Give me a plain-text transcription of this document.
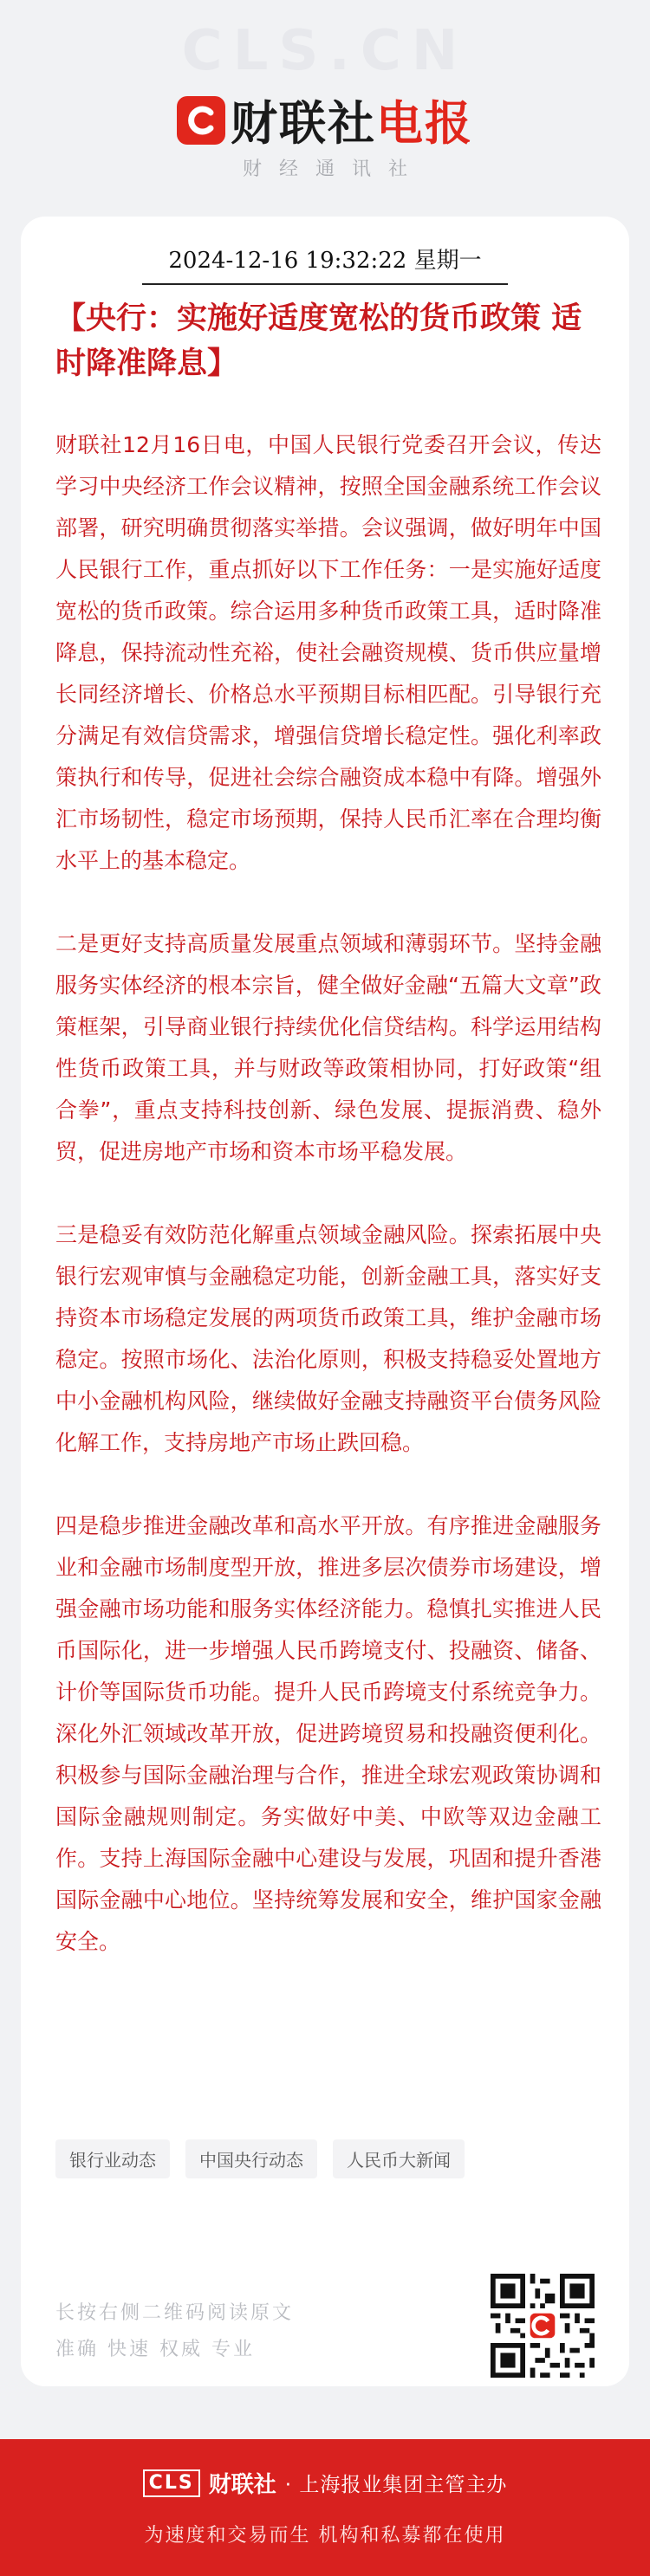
CLS.CN
财联社电报
财经通讯社
2024-12-16 19:32:22 星期一
【央行：实施好适度宽松的货币政策 适时降准降息】

财联社12月16日电，中国人民银行党委召开会议，传达学习中央经济工作会议精神，按照全国金融系统工作会议部署，研究明确贯彻落实举措。会议强调，做好明年中国人民银行工作，重点抓好以下工作任务：一是实施好适度宽松的货币政策。综合运用多种货币政策工具，适时降准降息，保持流动性充裕，使社会融资规模、货币供应量增长同经济增长、价格总水平预期目标相匹配。引导银行充分满足有效信贷需求，增强信贷增长稳定性。强化利率政策执行和传导，促进社会综合融资成本稳中有降。增强外汇市场韧性，稳定市场预期，保持人民币汇率在合理均衡水平上的基本稳定。

二是更好支持高质量发展重点领域和薄弱环节。坚持金融服务实体经济的根本宗旨，健全做好金融“五篇大文章”政策框架，引导商业银行持续优化信贷结构。科学运用结构性货币政策工具，并与财政等政策相协同，打好政策“组合拳”，重点支持科技创新、绿色发展、提振消费、稳外贸，促进房地产市场和资本市场平稳发展。

三是稳妥有效防范化解重点领域金融风险。探索拓展中央银行宏观审慎与金融稳定功能，创新金融工具，落实好支持资本市场稳定发展的两项货币政策工具，维护金融市场稳定。按照市场化、法治化原则，积极支持稳妥处置地方中小金融机构风险，继续做好金融支持融资平台债务风险化解工作，支持房地产市场止跌回稳。

四是稳步推进金融改革和高水平开放。有序推进金融服务业和金融市场制度型开放，推进多层次债券市场建设，增强金融市场功能和服务实体经济能力。稳慎扎实推进人民币国际化，进一步增强人民币跨境支付、投融资、储备、计价等国际货币功能。提升人民币跨境支付系统竞争力。深化外汇领域改革开放，促进跨境贸易和投融资便利化。积极参与国际金融治理与合作，推进全球宏观政策协调和国际金融规则制定。务实做好中美、中欧等双边金融工作。支持上海国际金融中心建设与发展，巩固和提升香港国际金融中心地位。坚持统筹发展和安全，维护国家金融安全。

银行业动态	中国央行动态	人民币大新闻
长按右侧二维码阅读原文
准确 快速 权威 专业
CLS 财联社 · 上海报业集团主管主办
为速度和交易而生 机构和私募都在使用
